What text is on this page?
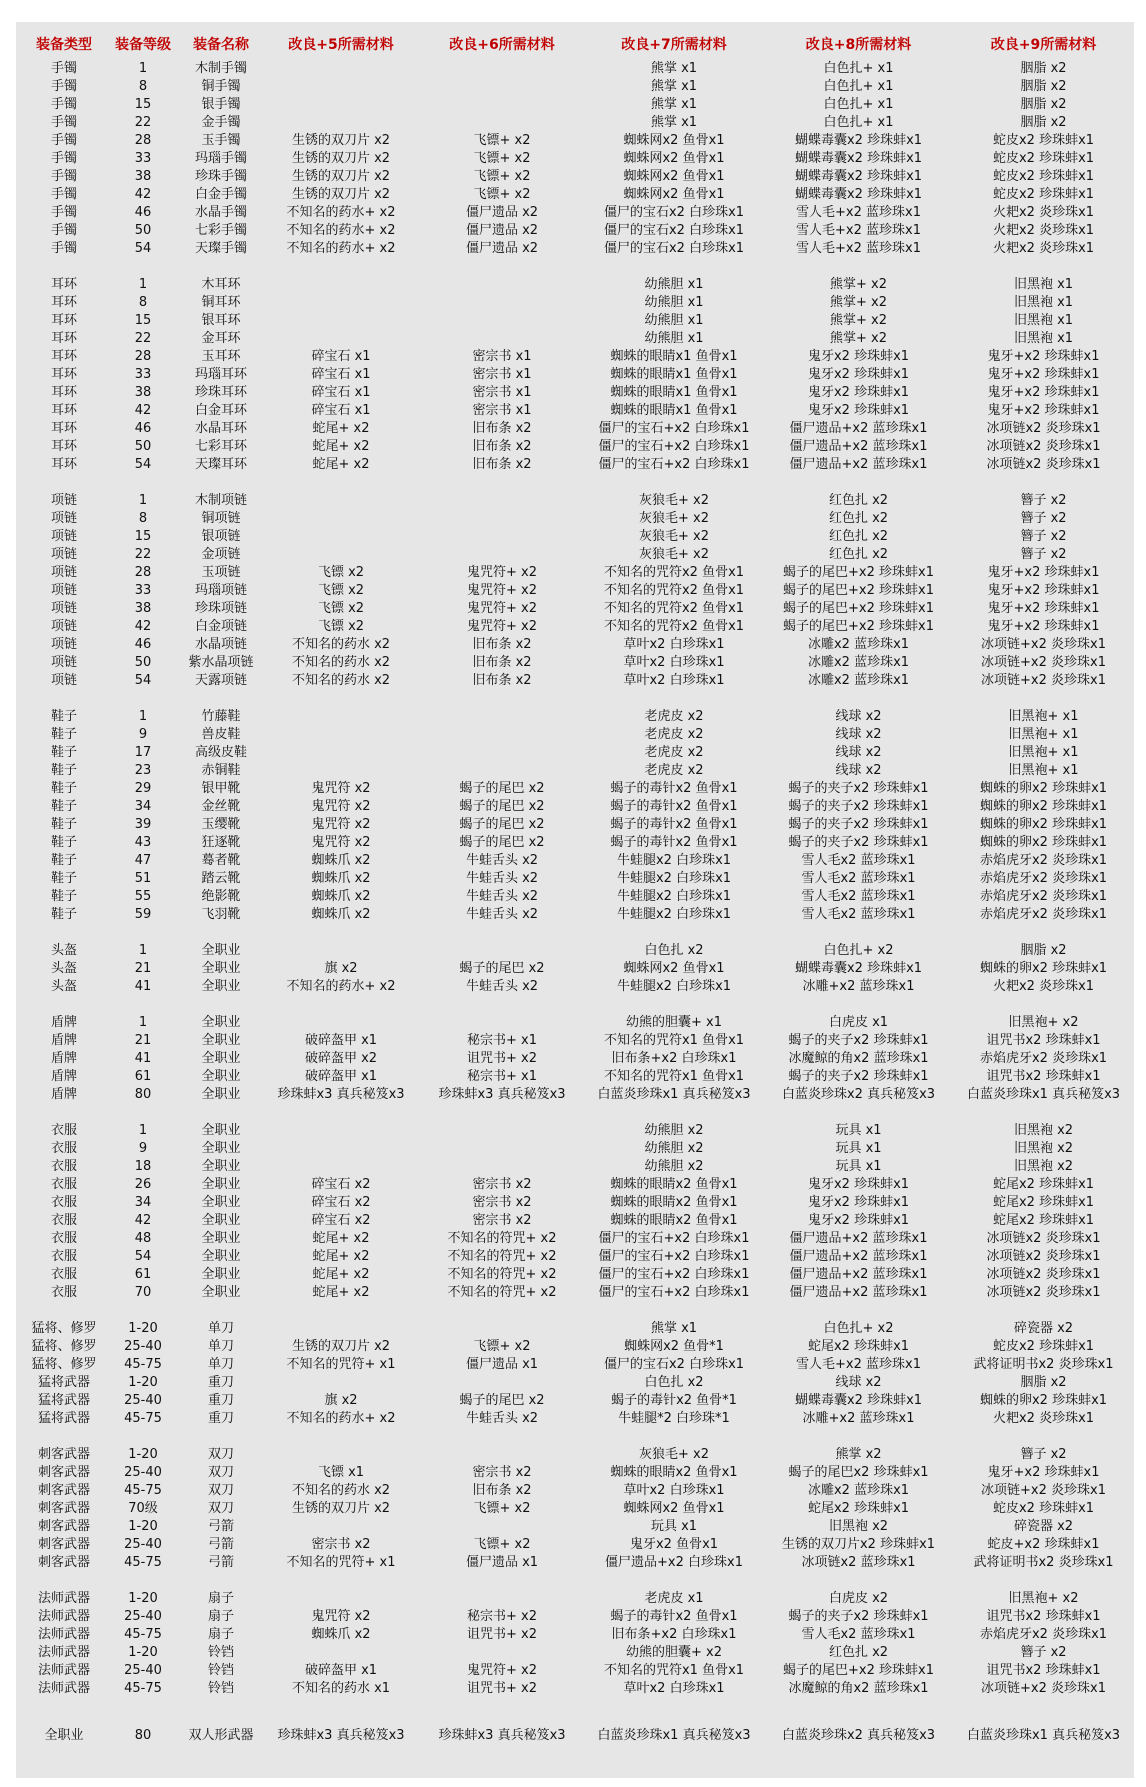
装备类型	装备等级	装备名称	改良+5所需材料	改良+6所需材料	改良+7所需材料	改良+8所需材料	改良+9所需材料
手镯	1	木制手镯			熊掌 x1	白色扎+ x1	胭脂 x2
手镯	8	铜手镯			熊掌 x1	白色扎+ x1	胭脂 x2
手镯	15	银手镯			熊掌 x1	白色扎+ x1	胭脂 x2
手镯	22	金手镯			熊掌 x1	白色扎+ x1	胭脂 x2
手镯	28	玉手镯	生锈的双刀片 x2	飞镖+ x2	蜘蛛网x2 鱼骨x1	蝴蝶毒囊x2 珍珠蚌x1	蛇皮x2 珍珠蚌x1
手镯	33	玛瑙手镯	生锈的双刀片 x2	飞镖+ x2	蜘蛛网x2 鱼骨x1	蝴蝶毒囊x2 珍珠蚌x1	蛇皮x2 珍珠蚌x1
手镯	38	珍珠手镯	生锈的双刀片 x2	飞镖+ x2	蜘蛛网x2 鱼骨x1	蝴蝶毒囊x2 珍珠蚌x1	蛇皮x2 珍珠蚌x1
手镯	42	白金手镯	生锈的双刀片 x2	飞镖+ x2	蜘蛛网x2 鱼骨x1	蝴蝶毒囊x2 珍珠蚌x1	蛇皮x2 珍珠蚌x1
手镯	46	水晶手镯	不知名的药水+ x2	僵尸遗品 x2	僵尸的宝石x2 白珍珠x1	雪人毛+x2 蓝珍珠x1	火耙x2 炎珍珠x1
手镯	50	七彩手镯	不知名的药水+ x2	僵尸遗品 x2	僵尸的宝石x2 白珍珠x1	雪人毛+x2 蓝珍珠x1	火耙x2 炎珍珠x1
手镯	54	天璨手镯	不知名的药水+ x2	僵尸遗品 x2	僵尸的宝石x2 白珍珠x1	雪人毛+x2 蓝珍珠x1	火耙x2 炎珍珠x1

耳环	1	木耳环			幼熊胆 x1	熊掌+ x2	旧黑袍 x1
耳环	8	铜耳环			幼熊胆 x1	熊掌+ x2	旧黑袍 x1
耳环	15	银耳环			幼熊胆 x1	熊掌+ x2	旧黑袍 x1
耳环	22	金耳环			幼熊胆 x1	熊掌+ x2	旧黑袍 x1
耳环	28	玉耳环	碎宝石 x1	密宗书 x1	蜘蛛的眼睛x1 鱼骨x1	鬼牙x2 珍珠蚌x1	鬼牙+x2 珍珠蚌x1
耳环	33	玛瑙耳环	碎宝石 x1	密宗书 x1	蜘蛛的眼睛x1 鱼骨x1	鬼牙x2 珍珠蚌x1	鬼牙+x2 珍珠蚌x1
耳环	38	珍珠耳环	碎宝石 x1	密宗书 x1	蜘蛛的眼睛x1 鱼骨x1	鬼牙x2 珍珠蚌x1	鬼牙+x2 珍珠蚌x1
耳环	42	白金耳环	碎宝石 x1	密宗书 x1	蜘蛛的眼睛x1 鱼骨x1	鬼牙x2 珍珠蚌x1	鬼牙+x2 珍珠蚌x1
耳环	46	水晶耳环	蛇尾+ x2	旧布条 x2	僵尸的宝石+x2 白珍珠x1	僵尸遗品+x2 蓝珍珠x1	冰项链x2 炎珍珠x1
耳环	50	七彩耳环	蛇尾+ x2	旧布条 x2	僵尸的宝石+x2 白珍珠x1	僵尸遗品+x2 蓝珍珠x1	冰项链x2 炎珍珠x1
耳环	54	天璨耳环	蛇尾+ x2	旧布条 x2	僵尸的宝石+x2 白珍珠x1	僵尸遗品+x2 蓝珍珠x1	冰项链x2 炎珍珠x1

项链	1	木制项链			灰狼毛+ x2	红色扎 x2	簪子 x2
项链	8	铜项链			灰狼毛+ x2	红色扎 x2	簪子 x2
项链	15	银项链			灰狼毛+ x2	红色扎 x2	簪子 x2
项链	22	金项链			灰狼毛+ x2	红色扎 x2	簪子 x2
项链	28	玉项链	飞镖 x2	鬼咒符+ x2	不知名的咒符x2 鱼骨x1	蝎子的尾巴+x2 珍珠蚌x1	鬼牙+x2 珍珠蚌x1
项链	33	玛瑙项链	飞镖 x2	鬼咒符+ x2	不知名的咒符x2 鱼骨x1	蝎子的尾巴+x2 珍珠蚌x1	鬼牙+x2 珍珠蚌x1
项链	38	珍珠项链	飞镖 x2	鬼咒符+ x2	不知名的咒符x2 鱼骨x1	蝎子的尾巴+x2 珍珠蚌x1	鬼牙+x2 珍珠蚌x1
项链	42	白金项链	飞镖 x2	鬼咒符+ x2	不知名的咒符x2 鱼骨x1	蝎子的尾巴+x2 珍珠蚌x1	鬼牙+x2 珍珠蚌x1
项链	46	水晶项链	不知名的药水 x2	旧布条 x2	草叶x2 白珍珠x1	冰雕x2 蓝珍珠x1	冰项链+x2 炎珍珠x1
项链	50	紫水晶项链	不知名的药水 x2	旧布条 x2	草叶x2 白珍珠x1	冰雕x2 蓝珍珠x1	冰项链+x2 炎珍珠x1
项链	54	天露项链	不知名的药水 x2	旧布条 x2	草叶x2 白珍珠x1	冰雕x2 蓝珍珠x1	冰项链+x2 炎珍珠x1

鞋子	1	竹藤鞋			老虎皮 x2	线球 x2	旧黑袍+ x1
鞋子	9	兽皮鞋			老虎皮 x2	线球 x2	旧黑袍+ x1
鞋子	17	高级皮鞋			老虎皮 x2	线球 x2	旧黑袍+ x1
鞋子	23	赤铜鞋			老虎皮 x2	线球 x2	旧黑袍+ x1
鞋子	29	银甲靴	鬼咒符 x2	蝎子的尾巴 x2	蝎子的毒针x2 鱼骨x1	蝎子的夹子x2 珍珠蚌x1	蜘蛛的卵x2 珍珠蚌x1
鞋子	34	金丝靴	鬼咒符 x2	蝎子的尾巴 x2	蝎子的毒针x2 鱼骨x1	蝎子的夹子x2 珍珠蚌x1	蜘蛛的卵x2 珍珠蚌x1
鞋子	39	玉缨靴	鬼咒符 x2	蝎子的尾巴 x2	蝎子的毒针x2 鱼骨x1	蝎子的夹子x2 珍珠蚌x1	蜘蛛的卵x2 珍珠蚌x1
鞋子	43	狂逐靴	鬼咒符 x2	蝎子的尾巴 x2	蝎子的毒针x2 鱼骨x1	蝎子的夹子x2 珍珠蚌x1	蜘蛛的卵x2 珍珠蚌x1
鞋子	47	蓦者靴	蜘蛛爪 x2	牛蛙舌头 x2	牛蛙腿x2 白珍珠x1	雪人毛x2 蓝珍珠x1	赤焰虎牙x2 炎珍珠x1
鞋子	51	踏云靴	蜘蛛爪 x2	牛蛙舌头 x2	牛蛙腿x2 白珍珠x1	雪人毛x2 蓝珍珠x1	赤焰虎牙x2 炎珍珠x1
鞋子	55	绝影靴	蜘蛛爪 x2	牛蛙舌头 x2	牛蛙腿x2 白珍珠x1	雪人毛x2 蓝珍珠x1	赤焰虎牙x2 炎珍珠x1
鞋子	59	飞羽靴	蜘蛛爪 x2	牛蛙舌头 x2	牛蛙腿x2 白珍珠x1	雪人毛x2 蓝珍珠x1	赤焰虎牙x2 炎珍珠x1

头盔	1	全职业			白色扎 x2	白色扎+ x2	胭脂 x2
头盔	21	全职业	旗 x2	蝎子的尾巴 x2	蜘蛛网x2 鱼骨x1	蝴蝶毒囊x2 珍珠蚌x1	蜘蛛的卵x2 珍珠蚌x1
头盔	41	全职业	不知名的药水+ x2	牛蛙舌头 x2	牛蛙腿x2 白珍珠x1	冰雕+x2 蓝珍珠x1	火耙x2 炎珍珠x1

盾牌	1	全职业			幼熊的胆囊+ x1	白虎皮 x1	旧黑袍+ x2
盾牌	21	全职业	破碎盔甲 x1	秘宗书+ x1	不知名的咒符x1 鱼骨x1	蝎子的夹子x2 珍珠蚌x1	诅咒书x2 珍珠蚌x1
盾牌	41	全职业	破碎盔甲 x2	诅咒书+ x2	旧布条+x2 白珍珠x1	冰魔鲸的角x2 蓝珍珠x1	赤焰虎牙x2 炎珍珠x1
盾牌	61	全职业	破碎盔甲 x1	秘宗书+ x1	不知名的咒符x1 鱼骨x1	蝎子的夹子x2 珍珠蚌x1	诅咒书x2 珍珠蚌x1
盾牌	80	全职业	珍珠蚌x3 真兵秘笈x3	珍珠蚌x3 真兵秘笈x3	白蓝炎珍珠x1 真兵秘笈x3	白蓝炎珍珠x2 真兵秘笈x3	白蓝炎珍珠x1 真兵秘笈x3

衣服	1	全职业			幼熊胆 x2	玩具 x1	旧黑袍 x2
衣服	9	全职业			幼熊胆 x2	玩具 x1	旧黑袍 x2
衣服	18	全职业			幼熊胆 x2	玩具 x1	旧黑袍 x2
衣服	26	全职业	碎宝石 x2	密宗书 x2	蜘蛛的眼睛x2 鱼骨x1	鬼牙x2 珍珠蚌x1	蛇尾x2 珍珠蚌x1
衣服	34	全职业	碎宝石 x2	密宗书 x2	蜘蛛的眼睛x2 鱼骨x1	鬼牙x2 珍珠蚌x1	蛇尾x2 珍珠蚌x1
衣服	42	全职业	碎宝石 x2	密宗书 x2	蜘蛛的眼睛x2 鱼骨x1	鬼牙x2 珍珠蚌x1	蛇尾x2 珍珠蚌x1
衣服	48	全职业	蛇尾+ x2	不知名的符咒+ x2	僵尸的宝石+x2 白珍珠x1	僵尸遗品+x2 蓝珍珠x1	冰项链x2 炎珍珠x1
衣服	54	全职业	蛇尾+ x2	不知名的符咒+ x2	僵尸的宝石+x2 白珍珠x1	僵尸遗品+x2 蓝珍珠x1	冰项链x2 炎珍珠x1
衣服	61	全职业	蛇尾+ x2	不知名的符咒+ x2	僵尸的宝石+x2 白珍珠x1	僵尸遗品+x2 蓝珍珠x1	冰项链x2 炎珍珠x1
衣服	70	全职业	蛇尾+ x2	不知名的符咒+ x2	僵尸的宝石+x2 白珍珠x1	僵尸遗品+x2 蓝珍珠x1	冰项链x2 炎珍珠x1

猛将、修罗	1-20	单刀			熊掌 x1	白色扎+ x2	碎瓷器 x2
猛将、修罗	25-40	单刀	生锈的双刀片 x2	飞镖+ x2	蜘蛛网x2 鱼骨*1	蛇尾x2 珍珠蚌x1	蛇皮x2 珍珠蚌x1
猛将、修罗	45-75	单刀	不知名的咒符+ x1	僵尸遗品 x1	僵尸的宝石x2 白珍珠x1	雪人毛+x2 蓝珍珠x1	武将证明书x2 炎珍珠x1
猛将武器	1-20	重刀			白色扎 x2	线球 x2	胭脂 x2
猛将武器	25-40	重刀	旗 x2	蝎子的尾巴 x2	蝎子的毒针x2 鱼骨*1	蝴蝶毒囊x2 珍珠蚌x1	蜘蛛的卵x2 珍珠蚌x1
猛将武器	45-75	重刀	不知名的药水+ x2	牛蛙舌头 x2	牛蛙腿*2 白珍珠*1	冰雕+x2 蓝珍珠x1	火耙x2 炎珍珠x1

刺客武器	1-20	双刀			灰狼毛+ x2	熊掌 x2	簪子 x2
刺客武器	25-40	双刀	飞镖 x1	密宗书 x2	蜘蛛的眼睛x2 鱼骨x1	蝎子的尾巴x2 珍珠蚌x1	鬼牙+x2 珍珠蚌x1
刺客武器	45-75	双刀	不知名的药水 x2	旧布条 x2	草叶x2 白珍珠x1	冰雕x2 蓝珍珠x1	冰项链+x2 炎珍珠x1
刺客武器	70级	双刀	生锈的双刀片 x2	飞镖+ x2	蜘蛛网x2 鱼骨x1	蛇尾x2 珍珠蚌x1	蛇皮x2 珍珠蚌x1
刺客武器	1-20	弓箭			玩具 x1	旧黑袍 x2	碎瓷器 x2
刺客武器	25-40	弓箭	密宗书 x2	飞镖+ x2	鬼牙x2 鱼骨x1	生锈的双刀片x2 珍珠蚌x1	蛇皮+x2 珍珠蚌x1
刺客武器	45-75	弓箭	不知名的咒符+ x1	僵尸遗品 x1	僵尸遗品+x2 白珍珠x1	冰项链x2 蓝珍珠x1	武将证明书x2 炎珍珠x1

法师武器	1-20	扇子			老虎皮 x1	白虎皮 x2	旧黑袍+ x2
法师武器	25-40	扇子	鬼咒符 x2	秘宗书+ x2	蝎子的毒针x2 鱼骨x1	蝎子的夹子x2 珍珠蚌x1	诅咒书x2 珍珠蚌x1
法师武器	45-75	扇子	蜘蛛爪 x2	诅咒书+ x2	旧布条+x2 白珍珠x1	雪人毛x2 蓝珍珠x1	赤焰虎牙x2 炎珍珠x1
法师武器	1-20	铃铛			幼熊的胆囊+ x2	红色扎 x2	簪子 x2
法师武器	25-40	铃铛	破碎盔甲 x1	鬼咒符+ x2	不知名的咒符x1 鱼骨x1	蝎子的尾巴+x2 珍珠蚌x1	诅咒书x2 珍珠蚌x1
法师武器	45-75	铃铛	不知名的药水 x1	诅咒书+ x2	草叶x2 白珍珠x1	冰魔鲸的角x2 蓝珍珠x1	冰项链+x2 炎珍珠x1

全职业	80	双人形武器	珍珠蚌x3 真兵秘笈x3	珍珠蚌x3 真兵秘笈x3	白蓝炎珍珠x1 真兵秘笈x3	白蓝炎珍珠x2 真兵秘笈x3	白蓝炎珍珠x1 真兵秘笈x3
